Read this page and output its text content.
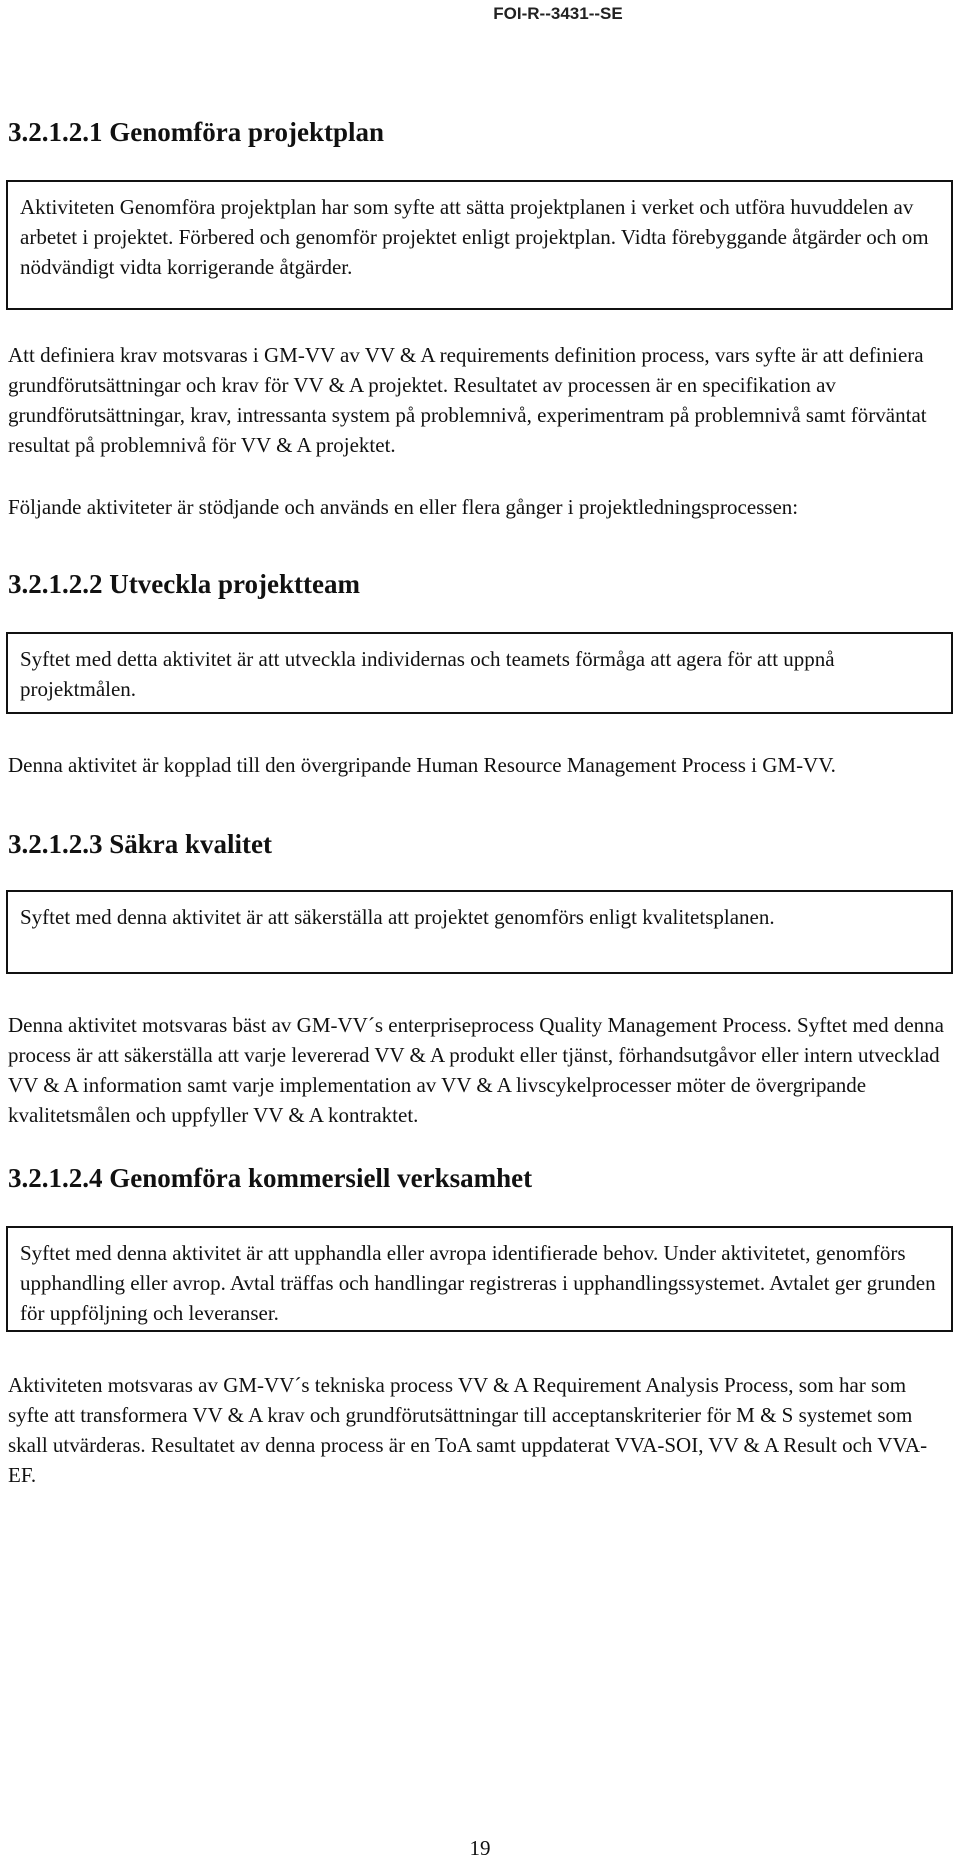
FOI-R--3431--SE
3.2.1.2.1 Genomföra projektplan
Aktiviteten Genomföra projektplan har som syfte att sätta projektplanen i verket och utföra huvuddelen av arbetet i projektet. Förbered och genomför projektet enligt projektplan. Vidta förebyggande åtgärder och om nödvändigt vidta korrigerande åtgärder.

Att definiera krav motsvaras i GM-VV av VV & A requirements definition process, vars syfte är att definiera grundförutsättningar och krav för VV & A projektet. Resultatet av processen är en specifikation av grundförutsättningar, krav, intressanta system på problemnivå, experimentram på problemnivå samt förväntat resultat på problemnivå för VV & A projektet.

Följande aktiviteter är stödjande och används en eller flera gånger i projektledningsprocessen:

3.2.1.2.2 Utveckla projektteam
Syftet med detta aktivitet är att utveckla individernas och teamets förmåga att agera för att uppnå projektmålen.

Denna aktivitet är kopplad till den övergripande Human Resource Management Process i GM-VV.

3.2.1.2.3 Säkra kvalitet
Syftet med denna aktivitet är att säkerställa att projektet genomförs enligt kvalitetsplanen.

Denna aktivitet motsvaras bäst av GM-VV´s enterpriseprocess Quality Management Process. Syftet med denna process är att säkerställa att varje levererad VV & A produkt eller tjänst, förhandsutgåvor eller intern utvecklad VV & A information samt varje implementation av VV & A livscykelprocesser möter de övergripande kvalitetsmålen och uppfyller VV & A kontraktet.

3.2.1.2.4 Genomföra kommersiell verksamhet
Syftet med denna aktivitet är att upphandla eller avropa identifierade behov. Under aktivitetet, genomförs upphandling eller avrop. Avtal träffas och handlingar registreras i upphandlingssystemet. Avtalet ger grunden för uppföljning och leveranser.

Aktiviteten motsvaras av GM-VV´s tekniska process VV & A Requirement Analysis Process, som har som syfte att transformera VV & A krav och grundförutsättningar till acceptanskriterier för M & S systemet som skall utvärderas. Resultatet av denna process är en ToA samt uppdaterat VVA-SOI, VV & A Result och VVA-EF.

19
